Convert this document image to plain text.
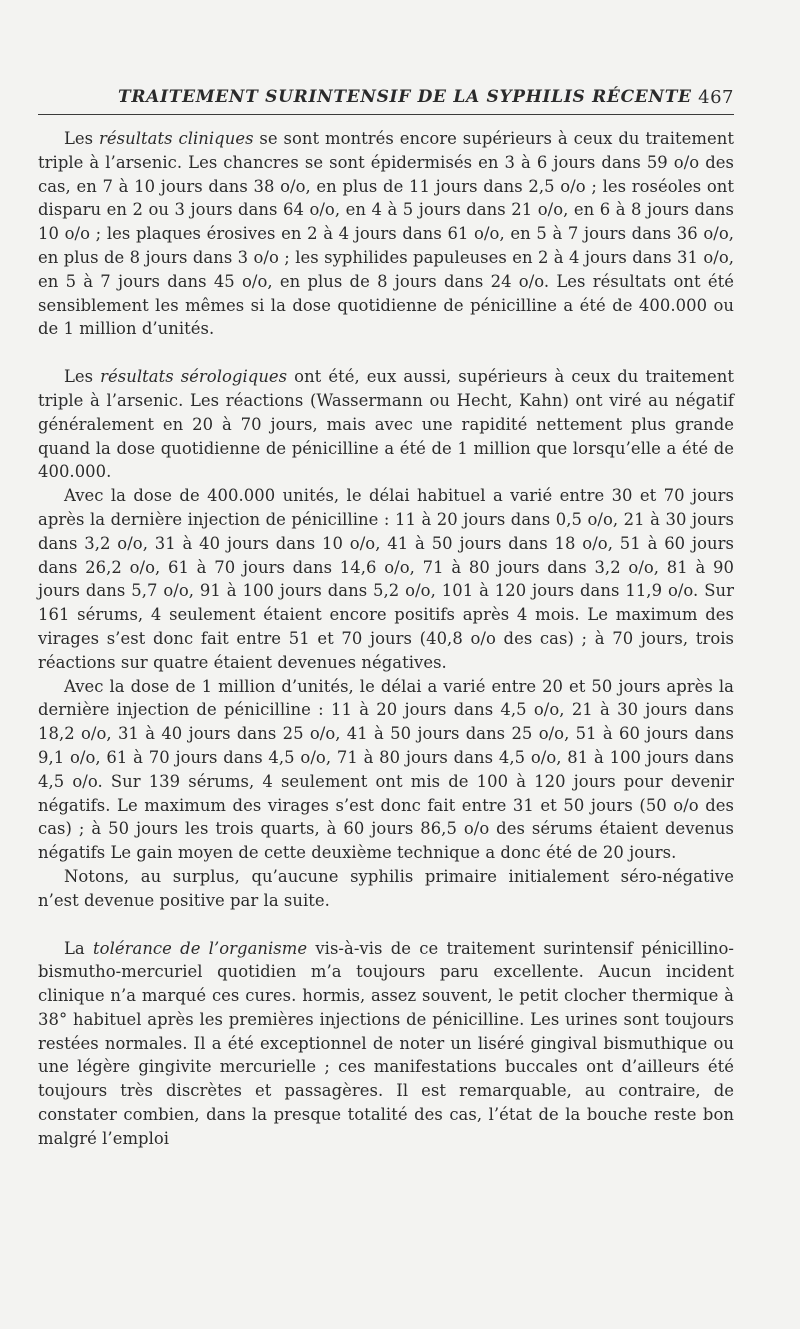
TRAITEMENT SURINTENSIF DE LA SYPHILIS RÉCENTE 467

Les résultats cliniques se sont montrés encore supérieurs à ceux du traitement triple à l’arsenic. Les chancres se sont épidermisés en 3 à 6 jours dans 59 o/o des cas, en 7 à 10 jours dans 38 o/o, en plus de 11 jours dans 2,5 o/o ; les roséoles ont disparu en 2 ou 3 jours dans 64 o/o, en 4 à 5 jours dans 21 o/o, en 6 à 8 jours dans 10 o/o ; les plaques érosives en 2 à 4 jours dans 61 o/o, en 5 à 7 jours dans 36 o/o, en plus de 8 jours dans 3 o/o ; les syphilides papuleuses en 2 à 4 jours dans 31 o/o, en 5 à 7 jours dans 45 o/o, en plus de 8 jours dans 24 o/o. Les résultats ont été sensiblement les mêmes si la dose quotidienne de pénicilline a été de 400.000 ou de 1 million d’unités.

Les résultats sérologiques ont été, eux aussi, supérieurs à ceux du traitement triple à l’arsenic. Les réactions (Wassermann ou Hecht, Kahn) ont viré au négatif généralement en 20 à 70 jours, mais avec une rapidité nettement plus grande quand la dose quotidienne de pénicilline a été de 1 million que lorsqu’elle a été de 400.000.

Avec la dose de 400.000 unités, le délai habituel a varié entre 30 et 70 jours après la dernière injection de pénicilline : 11 à 20 jours dans 0,5 o/o, 21 à 30 jours dans 3,2 o/o, 31 à 40 jours dans 10 o/o, 41 à 50 jours dans 18 o/o, 51 à 60 jours dans 26,2 o/o, 61 à 70 jours dans 14,6 o/o, 71 à 80 jours dans 3,2 o/o, 81 à 90 jours dans 5,7 o/o, 91 à 100 jours dans 5,2 o/o, 101 à 120 jours dans 11,9 o/o. Sur 161 sérums, 4 seulement étaient encore positifs après 4 mois. Le maximum des virages s’est donc fait entre 51 et 70 jours (40,8 o/o des cas) ; à 70 jours, trois réactions sur quatre étaient devenues négatives.

Avec la dose de 1 million d’unités, le délai a varié entre 20 et 50 jours après la dernière injection de pénicilline : 11 à 20 jours dans 4,5 o/o, 21 à 30 jours dans 18,2 o/o, 31 à 40 jours dans 25 o/o, 41 à 50 jours dans 25 o/o, 51 à 60 jours dans 9,1 o/o, 61 à 70 jours dans 4,5 o/o, 71 à 80 jours dans 4,5 o/o, 81 à 100 jours dans 4,5 o/o. Sur 139 sérums, 4 seulement ont mis de 100 à 120 jours pour devenir négatifs. Le maximum des virages s’est donc fait entre 31 et 50 jours (50 o/o des cas) ; à 50 jours les trois quarts, à 60 jours 86,5 o/o des sérums étaient devenus négatifs Le gain moyen de cette deuxième technique a donc été de 20 jours.

Notons, au surplus, qu’aucune syphilis primaire initialement séro-négative n’est devenue positive par la suite.

La tolérance de l’organisme vis-à-vis de ce traitement surintensif pénicillino-bismutho-mercuriel quotidien m’a toujours paru excellente. Aucun incident clinique n’a marqué ces cures. hormis, assez souvent, le petit clocher thermique à 38° habituel après les premières injections de pénicilline. Les urines sont toujours restées normales. Il a été exceptionnel de noter un liséré gingival bismuthique ou une légère gingivite mercurielle ; ces manifestations buccales ont d’ailleurs été toujours très discrètes et passagères. Il est remarquable, au contraire, de constater combien, dans la presque totalité des cas, l’état de la bouche reste bon malgré l’emploi
